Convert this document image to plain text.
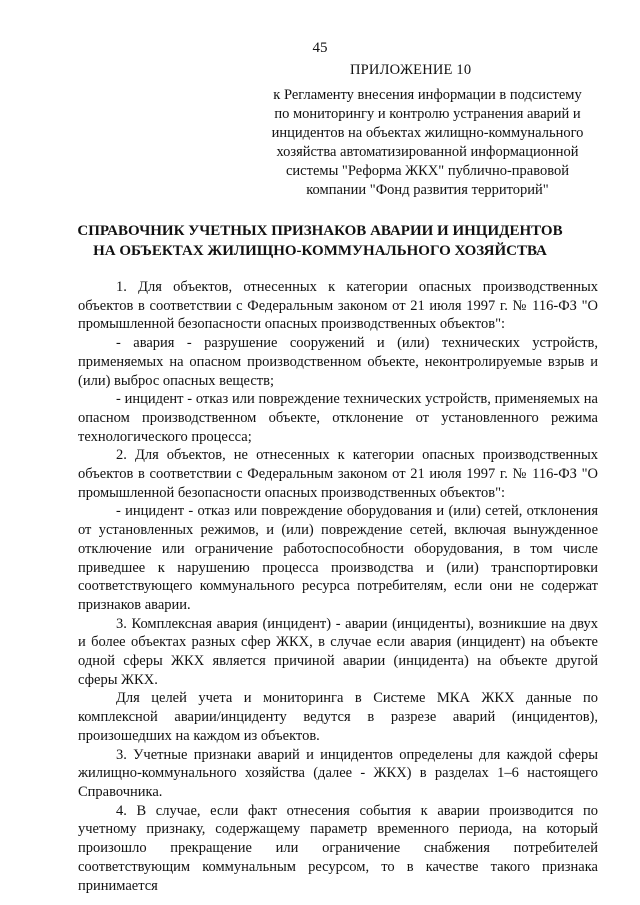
45
ПРИЛОЖЕНИЕ 10
к Регламенту внесения информации в подсистему по мониторингу и контролю устранения аварий и инцидентов на объектах жилищно-коммунального хозяйства автоматизированной информационной системы "Реформа ЖКХ" публично-правовой компании "Фонд развития территорий"
СПРАВОЧНИК УЧЕТНЫХ ПРИЗНАКОВ АВАРИИ И ИНЦИДЕНТОВ
НА ОБЪЕКТАХ ЖИЛИЩНО-КОММУНАЛЬНОГО ХОЗЯЙСТВА

1. Для объектов, отнесенных к категории опасных производственных объектов в соответствии с Федеральным законом от 21 июля 1997 г. № 116-ФЗ "О промышленной безопасности опасных производственных объектов":

- авария - разрушение сооружений и (или) технических устройств, применяемых на опасном производственном объекте, неконтролируемые взрыв и (или) выброс опасных веществ;

- инцидент - отказ или повреждение технических устройств, применяемых на опасном производственном объекте, отклонение от установленного режима технологического процесса;

2. Для объектов, не отнесенных к категории опасных производственных объектов в соответствии с Федеральным законом от 21 июля 1997 г. № 116-ФЗ "О промышленной безопасности опасных производственных объектов":

- инцидент - отказ или повреждение оборудования и (или) сетей, отклонения от установленных режимов, и (или) повреждение сетей, включая вынужденное отключение или ограничение работоспособности оборудования, в том числе приведшее к нарушению процесса производства и (или) транспортировки соответствующего коммунального ресурса потребителям, если они не содержат признаков аварии.

3. Комплексная авария (инцидент) - аварии (инциденты), возникшие на двух и более объектах разных сфер ЖКХ, в случае если авария (инцидент) на объекте одной сферы ЖКХ является причиной аварии (инцидента) на объекте другой сферы ЖКХ.

Для целей учета и мониторинга в Системе МКА ЖКХ данные по комплексной аварии/инциденту ведутся в разрезе аварий (инцидентов), произошедших на каждом из объектов.

3. Учетные признаки аварий и инцидентов определены для каждой сферы жилищно-коммунального хозяйства (далее - ЖКХ) в разделах 1–6 настоящего Справочника.

4. В случае, если факт отнесения события к аварии производится по учетному признаку, содержащему параметр временного периода, на который произошло прекращение или ограничение снабжения потребителей соответствующим коммунальным ресурсом, то в качестве такого признака принимается
